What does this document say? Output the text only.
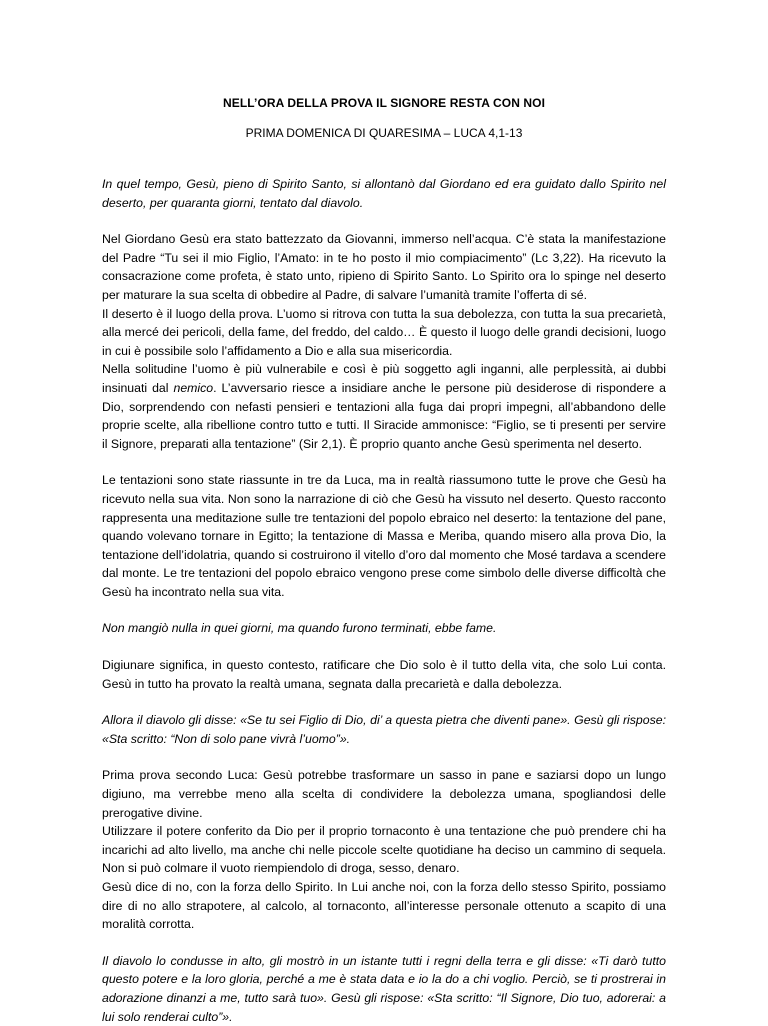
NELL’ORA DELLA PROVA IL SIGNORE RESTA CON NOI

PRIMA DOMENICA DI QUARESIMA – LUCA 4,1-13

In quel tempo, Gesù, pieno di Spirito Santo, si allontanò dal Giordano ed era guidato dallo Spirito nel deserto, per quaranta giorni, tentato dal diavolo.

Nel Giordano Gesù era stato battezzato da Giovanni, immerso nell’acqua. C’è stata la manifestazione del Padre “Tu sei il mio Figlio, l’Amato: in te ho posto il mio compiacimento” (Lc 3,22). Ha ricevuto la consacrazione come profeta, è stato unto, ripieno di Spirito Santo. Lo Spirito ora lo spinge nel deserto per maturare la sua scelta di obbedire al Padre, di salvare l’umanità tramite l’offerta di sé.

Il deserto è il luogo della prova. L’uomo si ritrova con tutta la sua debolezza, con tutta la sua precarietà, alla mercé dei pericoli, della fame, del freddo, del caldo… È questo il luogo delle grandi decisioni, luogo in cui è possibile solo l’affidamento a Dio e alla sua misericordia.

Nella solitudine l’uomo è più vulnerabile e così è più soggetto agli inganni, alle perplessità, ai dubbi insinuati dal nemico. L’avversario riesce a insidiare anche le persone più desiderose di rispondere a Dio, sorprendendo con nefasti pensieri e tentazioni alla fuga dai propri impegni, all’abbandono delle proprie scelte, alla ribellione contro tutto e tutti. Il Siracide ammonisce: “Figlio, se ti presenti per servire il Signore, preparati alla tentazione” (Sir 2,1). È proprio quanto anche Gesù sperimenta nel deserto.

Le tentazioni sono state riassunte in tre da Luca, ma in realtà riassumono tutte le prove che Gesù ha ricevuto nella sua vita. Non sono la narrazione di ciò che Gesù ha vissuto nel deserto. Questo racconto rappresenta una meditazione sulle tre tentazioni del popolo ebraico nel deserto: la tentazione del pane, quando volevano tornare in Egitto; la tentazione di Massa e Meriba, quando misero alla prova Dio, la tentazione dell’idolatria, quando si costruirono il vitello d’oro dal momento che Mosé tardava a scendere dal monte. Le tre tentazioni del popolo ebraico vengono prese come simbolo delle diverse difficoltà che Gesù ha incontrato nella sua vita.

Non mangiò nulla in quei giorni, ma quando furono terminati, ebbe fame.

Digiunare significa, in questo contesto, ratificare che Dio solo è il tutto della vita, che solo Lui conta. Gesù in tutto ha provato la realtà umana, segnata dalla precarietà e dalla debolezza.

Allora il diavolo gli disse: «Se tu sei Figlio di Dio, di’ a questa pietra che diventi pane». Gesù gli rispose: «Sta scritto: “Non di solo pane vivrà l’uomo”».

Prima prova secondo Luca: Gesù potrebbe trasformare un sasso in pane e saziarsi dopo un lungo digiuno, ma verrebbe meno alla scelta di condividere la debolezza umana, spogliandosi delle prerogative divine.

Utilizzare il potere conferito da Dio per il proprio tornaconto è una tentazione che può prendere chi ha incarichi ad alto livello, ma anche chi nelle piccole scelte quotidiane ha deciso un cammino di sequela. Non si può colmare il vuoto riempiendolo di droga, sesso, denaro.

Gesù dice di no, con la forza dello Spirito. In Lui anche noi, con la forza dello stesso Spirito, possiamo dire di no allo strapotere, al calcolo, al tornaconto, all’interesse personale ottenuto a scapito di una moralità corrotta.

Il diavolo lo condusse in alto, gli mostrò in un istante tutti i regni della terra e gli disse: «Ti darò tutto questo potere e la loro gloria, perché a me è stata data e io la do a chi voglio. Perciò, se ti prostrerai in adorazione dinanzi a me, tutto sarà tuo». Gesù gli rispose: «Sta scritto: “Il Signore, Dio tuo, adorerai: a lui solo renderai culto”».
